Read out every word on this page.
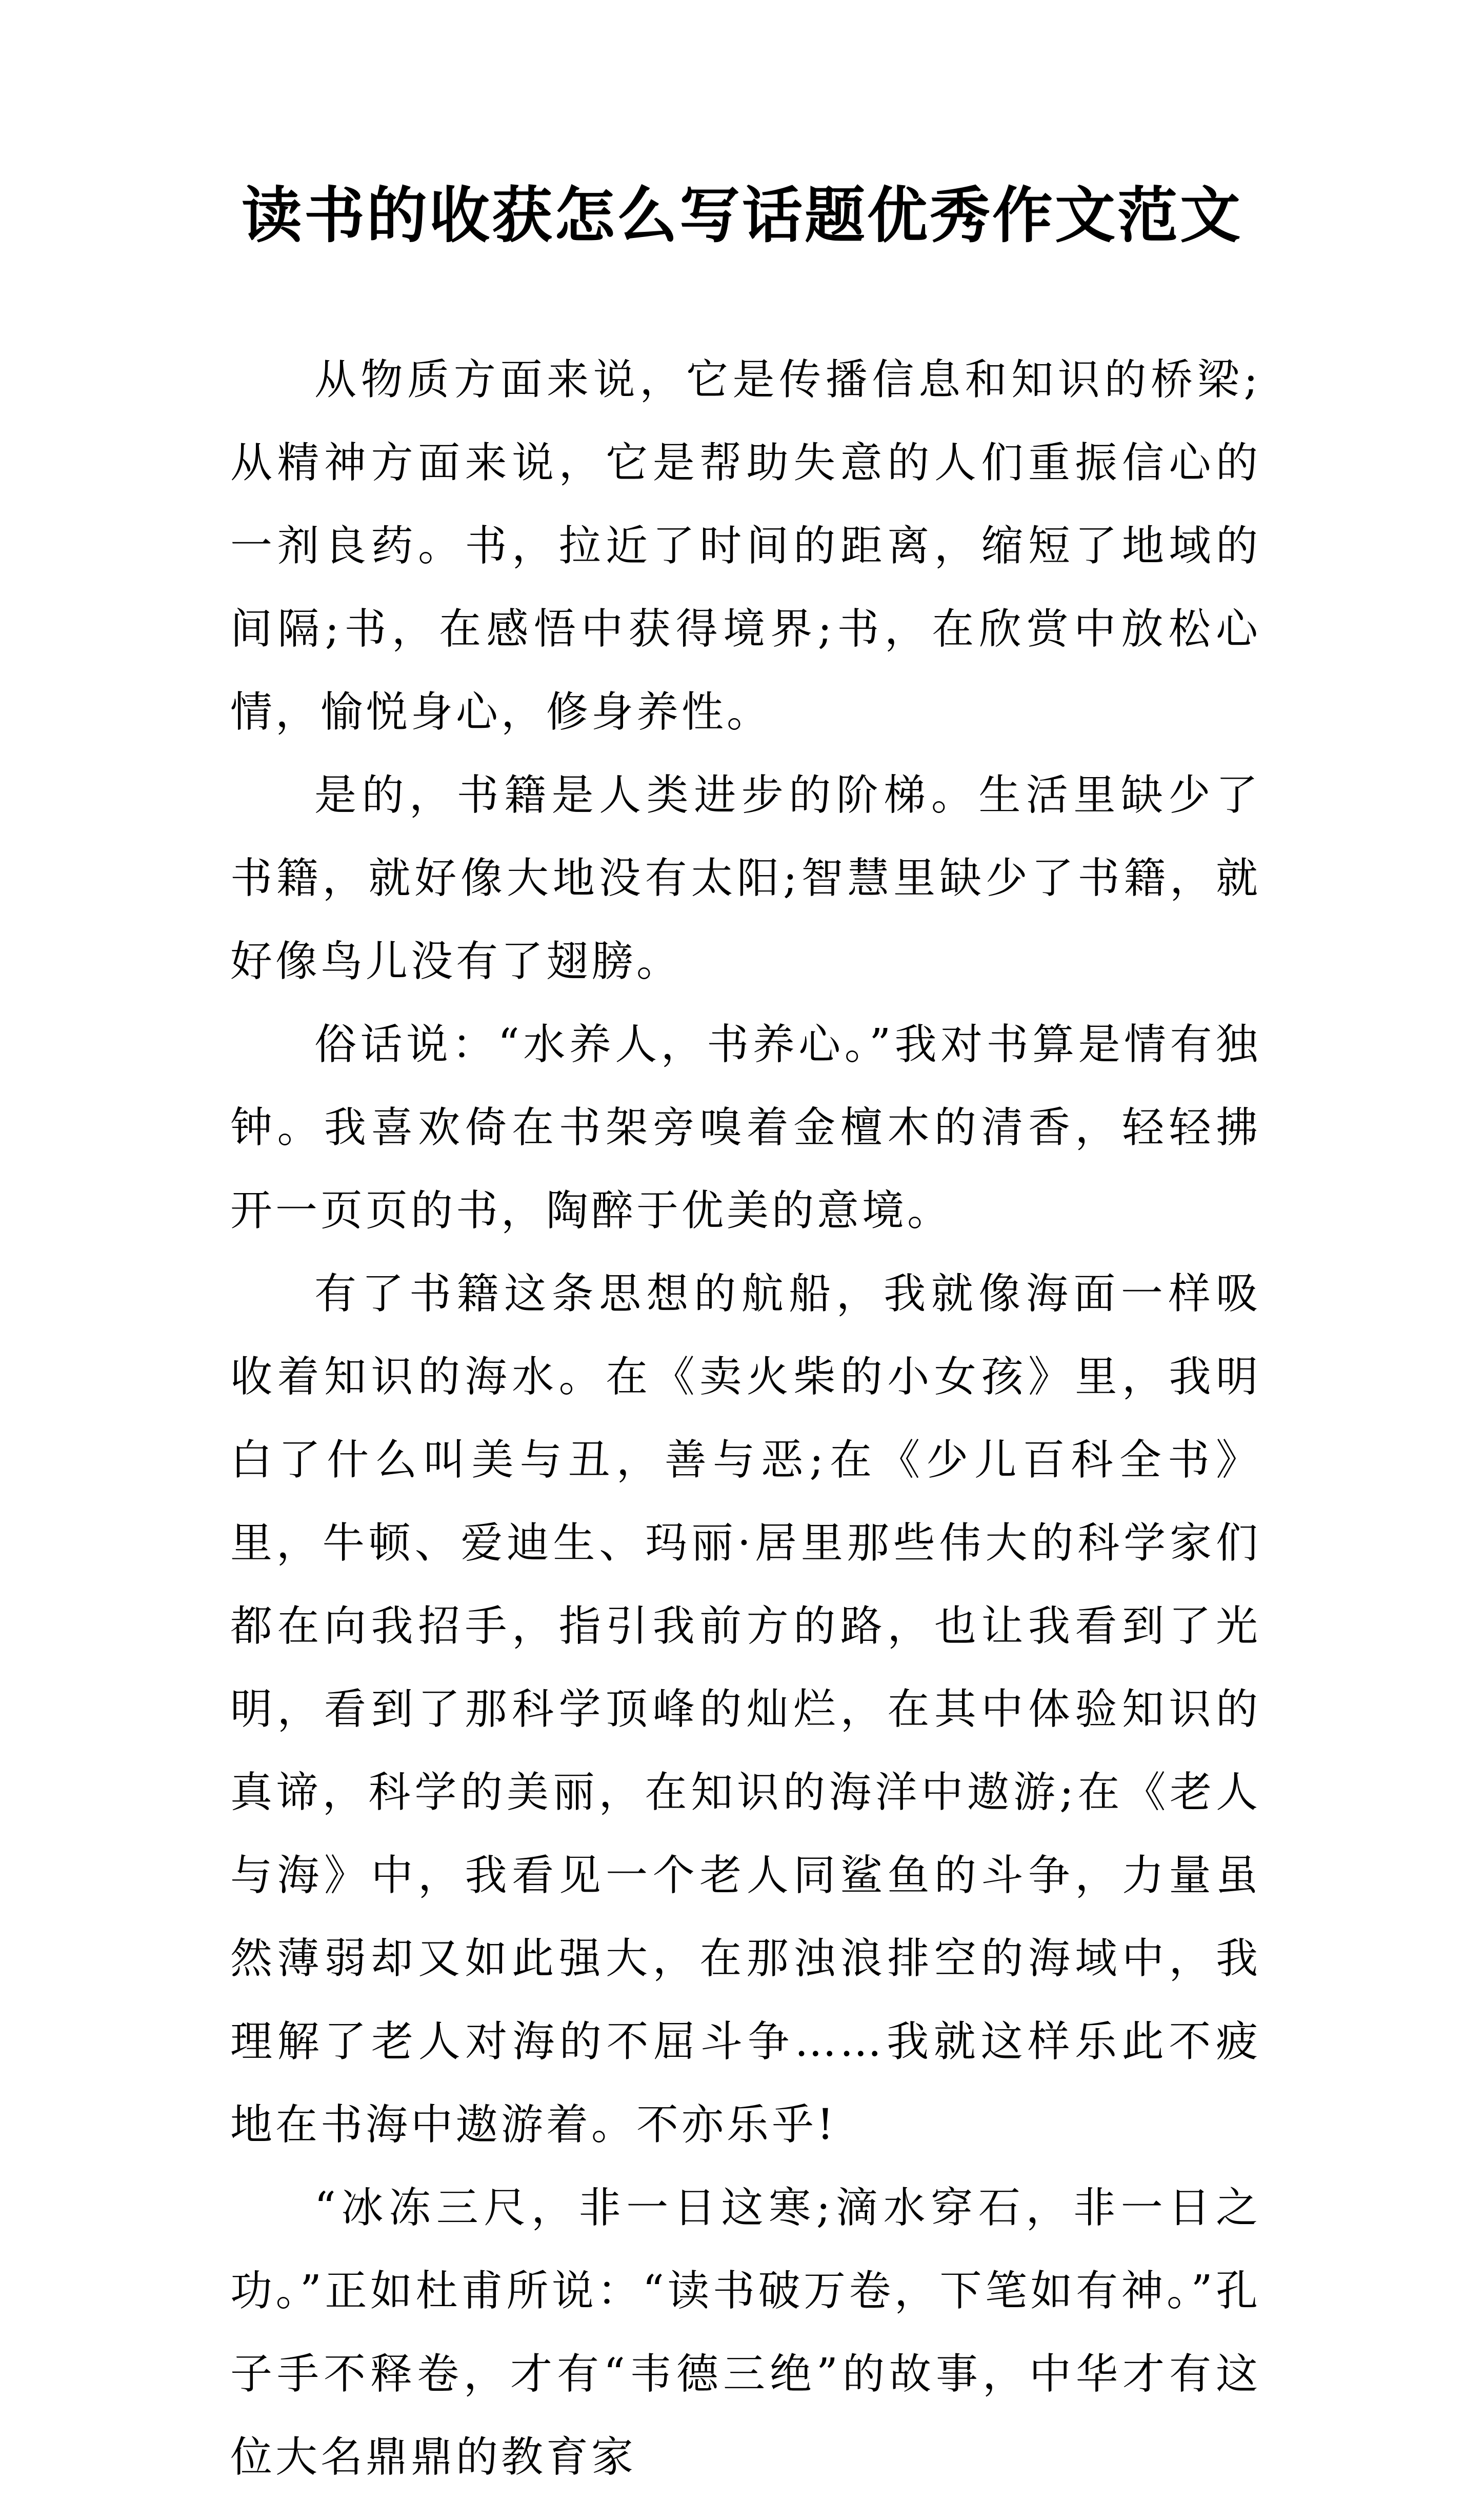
读书的收获怎么写话题优秀作文范文

从物质方面来说，它是传播信息和知识的桥梁;从精神方面来说，它是帮助失意的人们重振信心的一剂良药。书，拉近了时间的距离，缩短了地域的间隔;书，在感悟中获得境界;书，在欣赏中放松心情，愉悦身心，修身养性。

是的，书籍是人类进步的阶梯。生活里缺少了书籍，就好像大地没有太阳;智慧里缺少了书籍，就好像鸟儿没有了翅膀。

俗话说：“水养人，书养心。”我对书算是情有独钟。我喜欢倚在书架旁嗅着金檀木的清香，轻轻拂开一页页的书，陶醉于优美的意境。

有了书籍这条思想的航船，我就像海面一样吸收着知识的海水。在《卖火柴的小女孩》里，我明白了什么叫美与丑，善与恶;在《少儿百科全书》里，牛顿、爱迪生、玛丽·居里那些伟大的科学家们都在向我招手，指引我前方的路，也让我看到了光明，看到了那科学顶峰的灿烂，在其中体验知识的真谛，科学的美丽，在知识的海洋中遨游;在《老人与海》中，我看见一个老人同鲨鱼的斗争，力量虽然薄弱却又如此强大，在那浊浪排空的海域中，我理解了老人对海的不屈斗争……我就这样乐此不疲地在书海中遨游着。不亦乐乎!

“冰冻三尺，非一日这寒;滴水穿石，非一日之功。”正如杜甫所说：“读书破万卷，下笔如有神。”孔子手不释卷，才有“韦德三绝”的故事，中华才有这位大名鼎鼎的教育家
